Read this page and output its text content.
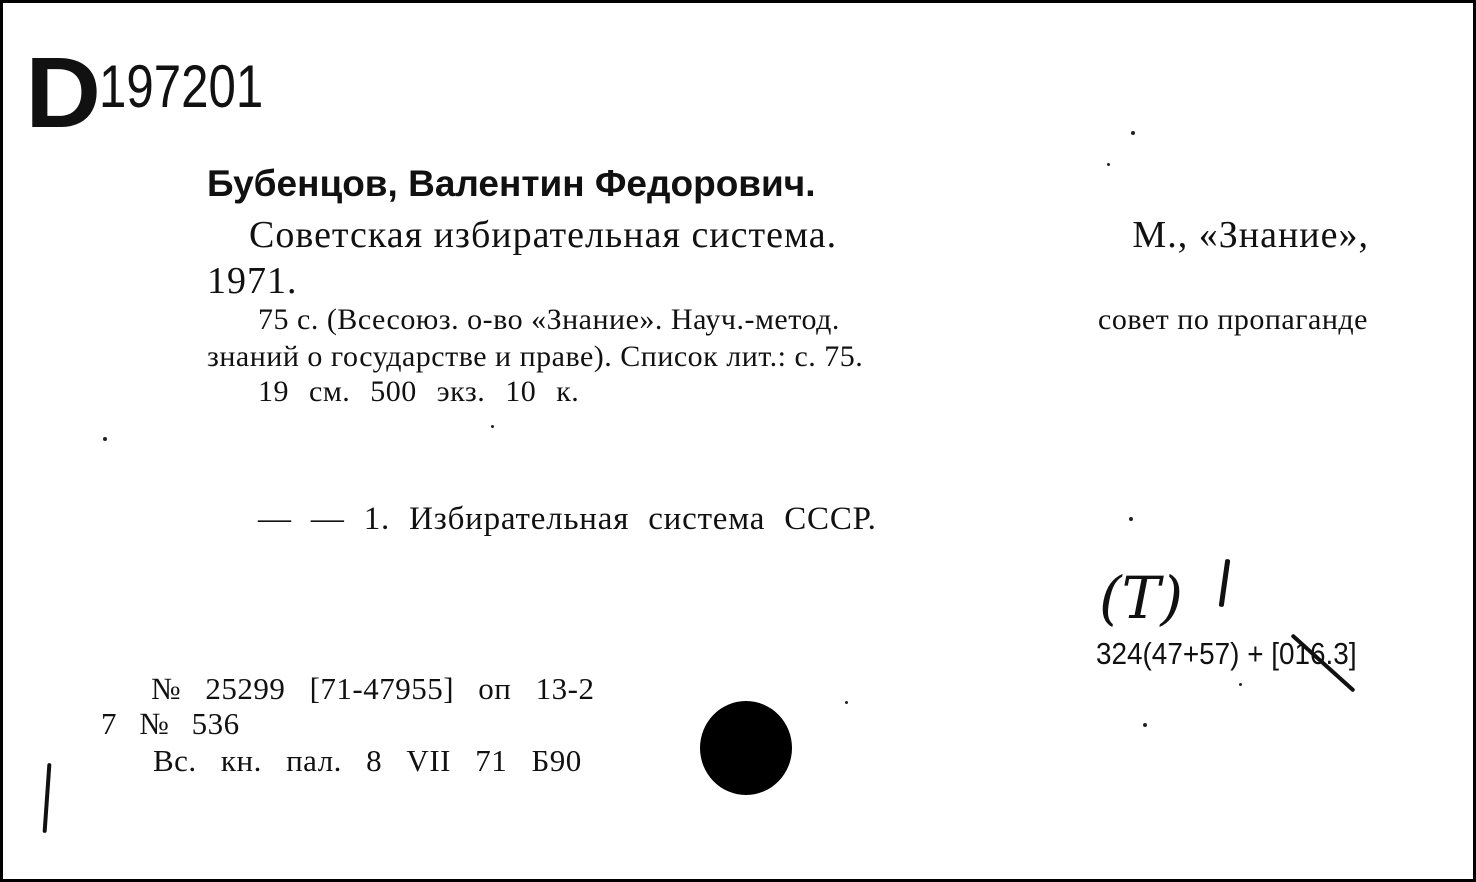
D197201
Бубенцов, Валентин Федорович.
Советская избирательная система.	М., «Знание»,
1971.
75 с. (Всесоюз. о-во «Знание». Науч.-метод.	совет по пропаганде
знаний о государстве и праве). Список лит.: с. 75.
19 см. 500 экз. 10 к.
— — 1. Избирательная система СССР.
(Т)
324(47+57) + [016.3]
№ 25299 [71-47955] оп 13-2
7 № 536
Вс. кн. пал. 8 VII 71 Б90
